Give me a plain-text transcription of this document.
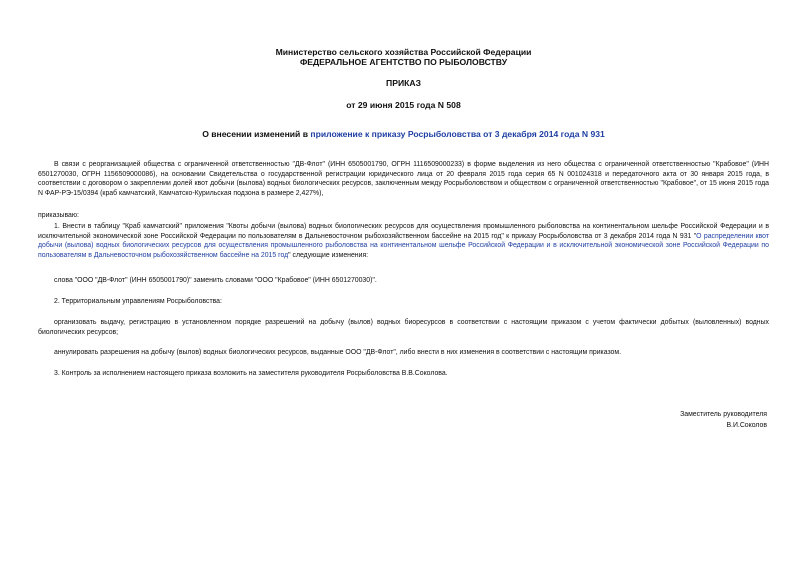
Министерство сельского хозяйства Российской Федерации
ФЕДЕРАЛЬНОЕ АГЕНТСТВО ПО РЫБОЛОВСТВУ
ПРИКАЗ
от 29 июня 2015 года N 508
О внесении изменений в приложение к приказу Росрыболовства от 3 декабря 2014 года N 931
В связи с реорганизацией общества с ограниченной ответственностью "ДВ-Флот" (ИНН 6505001790, ОГРН 1116509000233) в форме выделения из него общества с ограниченной ответственностью "Крабовое" (ИНН 6501270030, ОГРН 1156509000086), на основании Свидетельства о государственной регистрации юридического лица от 20 февраля 2015 года серия 65 N 001024318 и передаточного акта от 30 января 2015 года, в соответствии с договором о закреплении долей квот добычи (вылова) водных биологических ресурсов, заключенным между Росрыболовством и обществом с ограниченной ответственностью "Крабовое", от 15 июня 2015 года N ФАР-РЭ-15/0394 (краб камчатский, Камчатско-Курильская подзона в размере 2,427%),
приказываю:
1. Внести в таблицу "Краб камчатский" приложения "Квоты добычи (вылова) водных биологических ресурсов для осуществления промышленного рыболовства на континентальном шельфе Российской Федерации и в исключительной экономической зоне Российской Федерации по пользователям в Дальневосточном рыбохозяйственном бассейне на 2015 год" к приказу Росрыболовства от 3 декабря 2014 года N 931 "О распределении квот добычи (вылова) водных биологических ресурсов для осуществления промышленного рыболовства на континентальном шельфе Российской Федерации и в исключительной экономической зоне Российской Федерации по пользователям в Дальневосточном рыбохозяйственном бассейне на 2015 год" следующие изменения:
слова "ООО "ДВ-Флот" (ИНН 6505001790)" заменить словами "ООО "Крабовое" (ИНН 6501270030)".
2. Территориальным управлениям Росрыболовства:
организовать выдачу, регистрацию в установленном порядке разрешений на добычу (вылов) водных биоресурсов в соответствии с настоящим приказом с учетом фактически добытых (выловленных) водных биологических ресурсов;
аннулировать разрешения на добычу (вылов) водных биологических ресурсов, выданные ООО "ДВ-Флот", либо внести в них изменения в соответствии с настоящим приказом.
3. Контроль за исполнением настоящего приказа возложить на заместителя руководителя Росрыболовства В.В.Соколова.
Заместитель руководителя
В.И.Соколов
